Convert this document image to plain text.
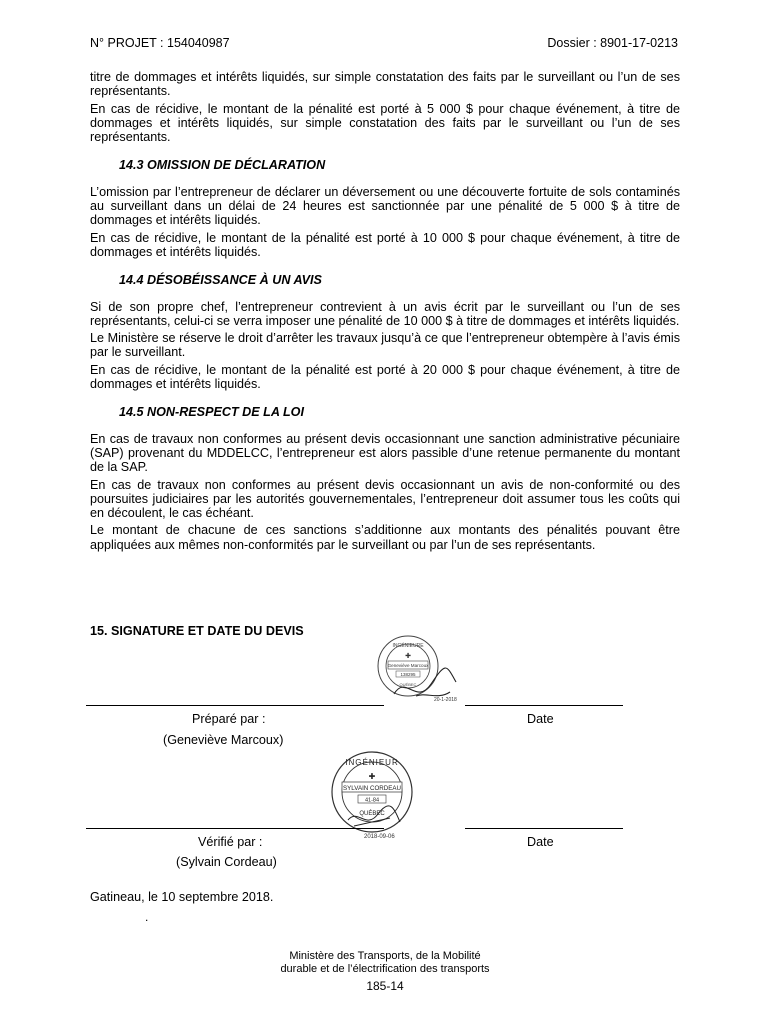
N° PROJET : 154040987	Dossier : 8901-17-0213

titre de dommages et intérêts liquidés, sur simple constatation des faits par le surveillant ou l’un de ses représentants.

En cas de récidive, le montant de la pénalité est porté à 5 000 $ pour chaque événement, à titre de dommages et intérêts liquidés, sur simple constatation des faits par le surveillant ou l’un de ses représentants.

14.3 OMISSION DE DÉCLARATION

L’omission par l’entrepreneur de déclarer un déversement ou une découverte fortuite de sols contaminés au surveillant dans un délai de 24 heures est sanctionnée par une pénalité de 5 000 $ à titre de dommages et intérêts liquidés.

En cas de récidive, le montant de la pénalité est porté à 10 000 $ pour chaque événement, à titre de dommages et intérêts liquidés.

14.4 DÉSOBÉISSANCE À UN AVIS

Si de son propre chef, l’entrepreneur contrevient à un avis écrit par le surveillant ou l’un de ses représentants, celui-ci se verra imposer une pénalité de 10 000 $ à titre de dommages et intérêts liquidés.

Le Ministère se réserve le droit d’arrêter les travaux jusqu’à ce que l’entrepreneur obtempère à l’avis émis par le surveillant.

En cas de récidive, le montant de la pénalité est porté à 20 000 $ pour chaque événement, à titre de dommages et intérêts liquidés.

14.5 NON-RESPECT DE LA LOI

En cas de travaux non conformes au présent devis occasionnant une sanction administrative pécuniaire (SAP) provenant du MDDELCC, l’entrepreneur est alors passible d’une retenue permanente du montant de la SAP.

En cas de travaux non conformes au présent devis occasionnant un avis de non-conformité ou des poursuites judiciaires par les autorités gouvernementales, l’entrepreneur doit assumer tous les coûts qui en découlent, le cas échéant.

Le montant de chacune de ces sanctions s’additionne aux montants des pénalités pouvant être appliquées aux mêmes non-conformités par le surveillant ou par l’un de ses représentants.

15. SIGNATURE ET DATE DU DEVIS
INGÉNIEURE
✚
Geneviève Marcoux
138295
QUÉBEC
20-1-2018
Préparé par :	Date
(Geneviève Marcoux)
INGÉNIEUR
✚
SYLVAIN CORDEAU
41-84
QUÉBEC
2018-09-06
Vérifié par :	Date
(Sylvain Cordeau)
Gatineau, le 10 septembre 2018.
.
Ministère des Transports, de la Mobilité
durable et de l’électrification des transports
185-14
